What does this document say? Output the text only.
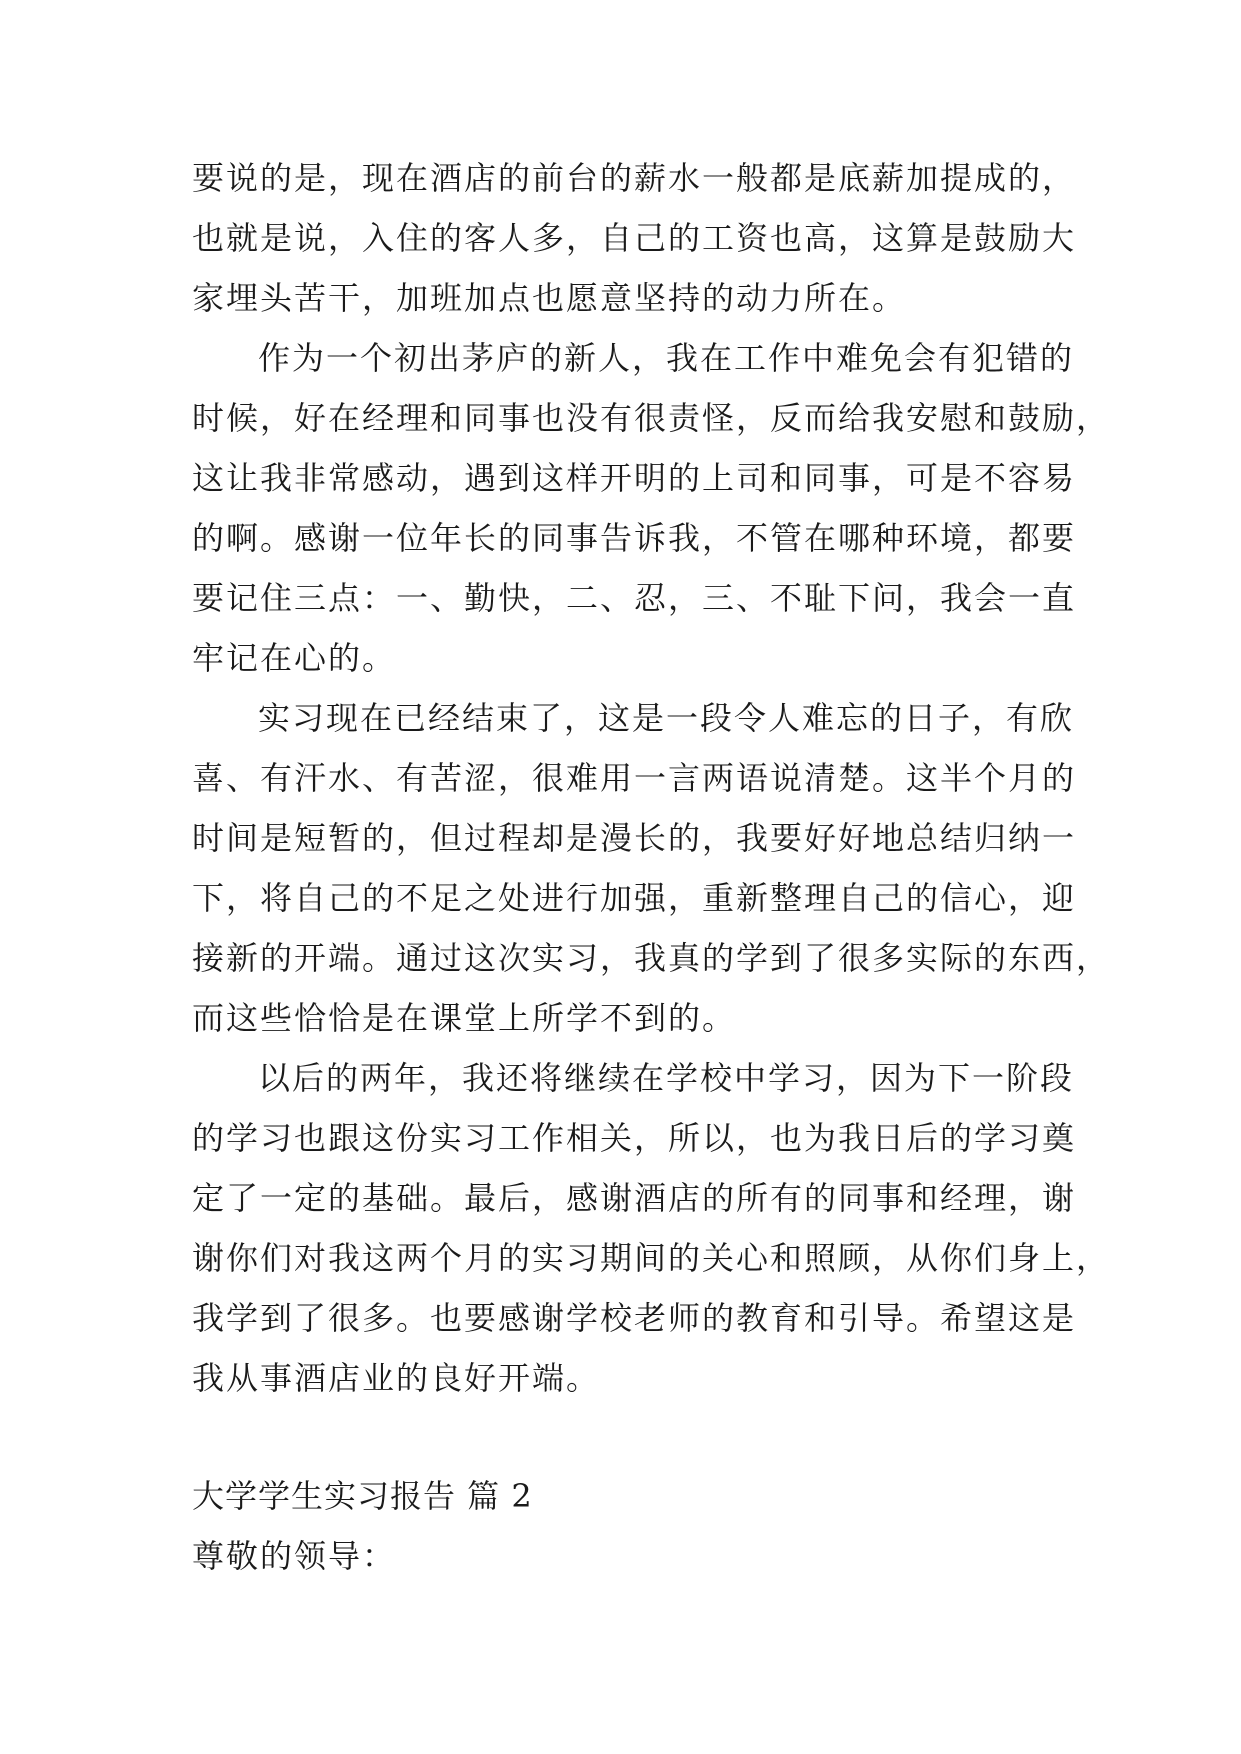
要说的是，现在酒店的前台的薪水一般都是底薪加提成的，
也就是说，入住的客人多，自己的工资也高，这算是鼓励大
家埋头苦干，加班加点也愿意坚持的动力所在。
作为一个初出茅庐的新人，我在工作中难免会有犯错的
时候，好在经理和同事也没有很责怪，反而给我安慰和鼓励，
这让我非常感动，遇到这样开明的上司和同事，可是不容易
的啊。感谢一位年长的同事告诉我，不管在哪种环境，都要
要记住三点：一、勤快，二、忍，三、不耻下问，我会一直
牢记在心的。
实习现在已经结束了，这是一段令人难忘的日子，有欣
喜、有汗水、有苦涩，很难用一言两语说清楚。这半个月的
时间是短暂的，但过程却是漫长的，我要好好地总结归纳一
下，将自己的不足之处进行加强，重新整理自己的信心，迎
接新的开端。通过这次实习，我真的学到了很多实际的东西，
而这些恰恰是在课堂上所学不到的。
以后的两年，我还将继续在学校中学习，因为下一阶段
的学习也跟这份实习工作相关，所以，也为我日后的学习奠
定了一定的基础。最后，感谢酒店的所有的同事和经理，谢
谢你们对我这两个月的实习期间的关心和照顾，从你们身上，
我学到了很多。也要感谢学校老师的教育和引导。希望这是
我从事酒店业的良好开端。
大学学生实习报告 篇 2
尊敬的领导：
